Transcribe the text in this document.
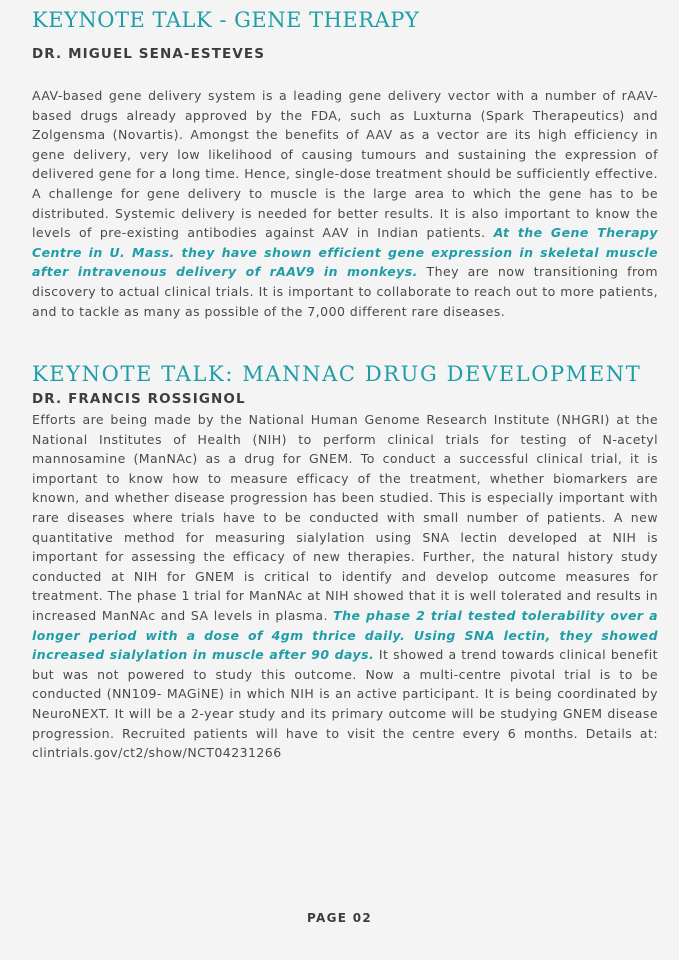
KEYNOTE TALK - GENE THERAPY
DR. MIGUEL SENA-ESTEVES

AAV-based gene delivery system is a leading gene delivery vector with a number of rAAV-based drugs already approved by the FDA, such as Luxturna (Spark Therapeutics) and Zolgensma (Novartis). Amongst the benefits of AAV as a vector are its high efficiency in gene delivery, very low likelihood of causing tumours and sustaining the expression of delivered gene for a long time. Hence, single-dose treatment should be sufficiently effective. A challenge for gene delivery to muscle is the large area to which the gene has to be distributed. Systemic delivery is needed for better results. It is also important to know the levels of pre-existing antibodies against AAV in Indian patients. At the Gene Therapy Centre in U. Mass. they have shown efficient gene expression in skeletal muscle after intravenous delivery of rAAV9 in monkeys. They are now transitioning from discovery to actual clinical trials. It is important to collaborate to reach out to more patients, and to tackle as many as possible of the 7,000 different rare diseases.

KEYNOTE TALK: MANNAC DRUG DEVELOPMENT
DR. FRANCIS ROSSIGNOL

Efforts are being made by the National Human Genome Research Institute (NHGRI) at the National Institutes of Health (NIH) to perform clinical trials for testing of N-acetyl mannosamine (ManNAc) as a drug for GNEM. To conduct a successful clinical trial, it is important to know how to measure efficacy of the treatment, whether biomarkers are known, and whether disease progression has been studied. This is especially important with rare diseases where trials have to be conducted with small number of patients. A new quantitative method for measuring sialylation using SNA lectin developed at NIH is important for assessing the efficacy of new therapies. Further, the natural history study conducted at NIH for GNEM is critical to identify and develop outcome measures for treatment. The phase 1 trial for ManNAc at NIH showed that it is well tolerated and results in increased ManNAc and SA levels in plasma. The phase 2 trial tested tolerability over a longer period with a dose of 4gm thrice daily. Using SNA lectin, they showed increased sialylation in muscle after 90 days. It showed a trend towards clinical benefit but was not powered to study this outcome. Now a multi-centre pivotal trial is to be conducted (NN109- MAGiNE) in which NIH is an active participant. It is being coordinated by NeuroNEXT. It will be a 2-year study and its primary outcome will be studying GNEM disease progression. Recruited patients will have to visit the centre every 6 months. Details at: clintrials.gov/ct2/show/NCT04231266

PAGE 02
